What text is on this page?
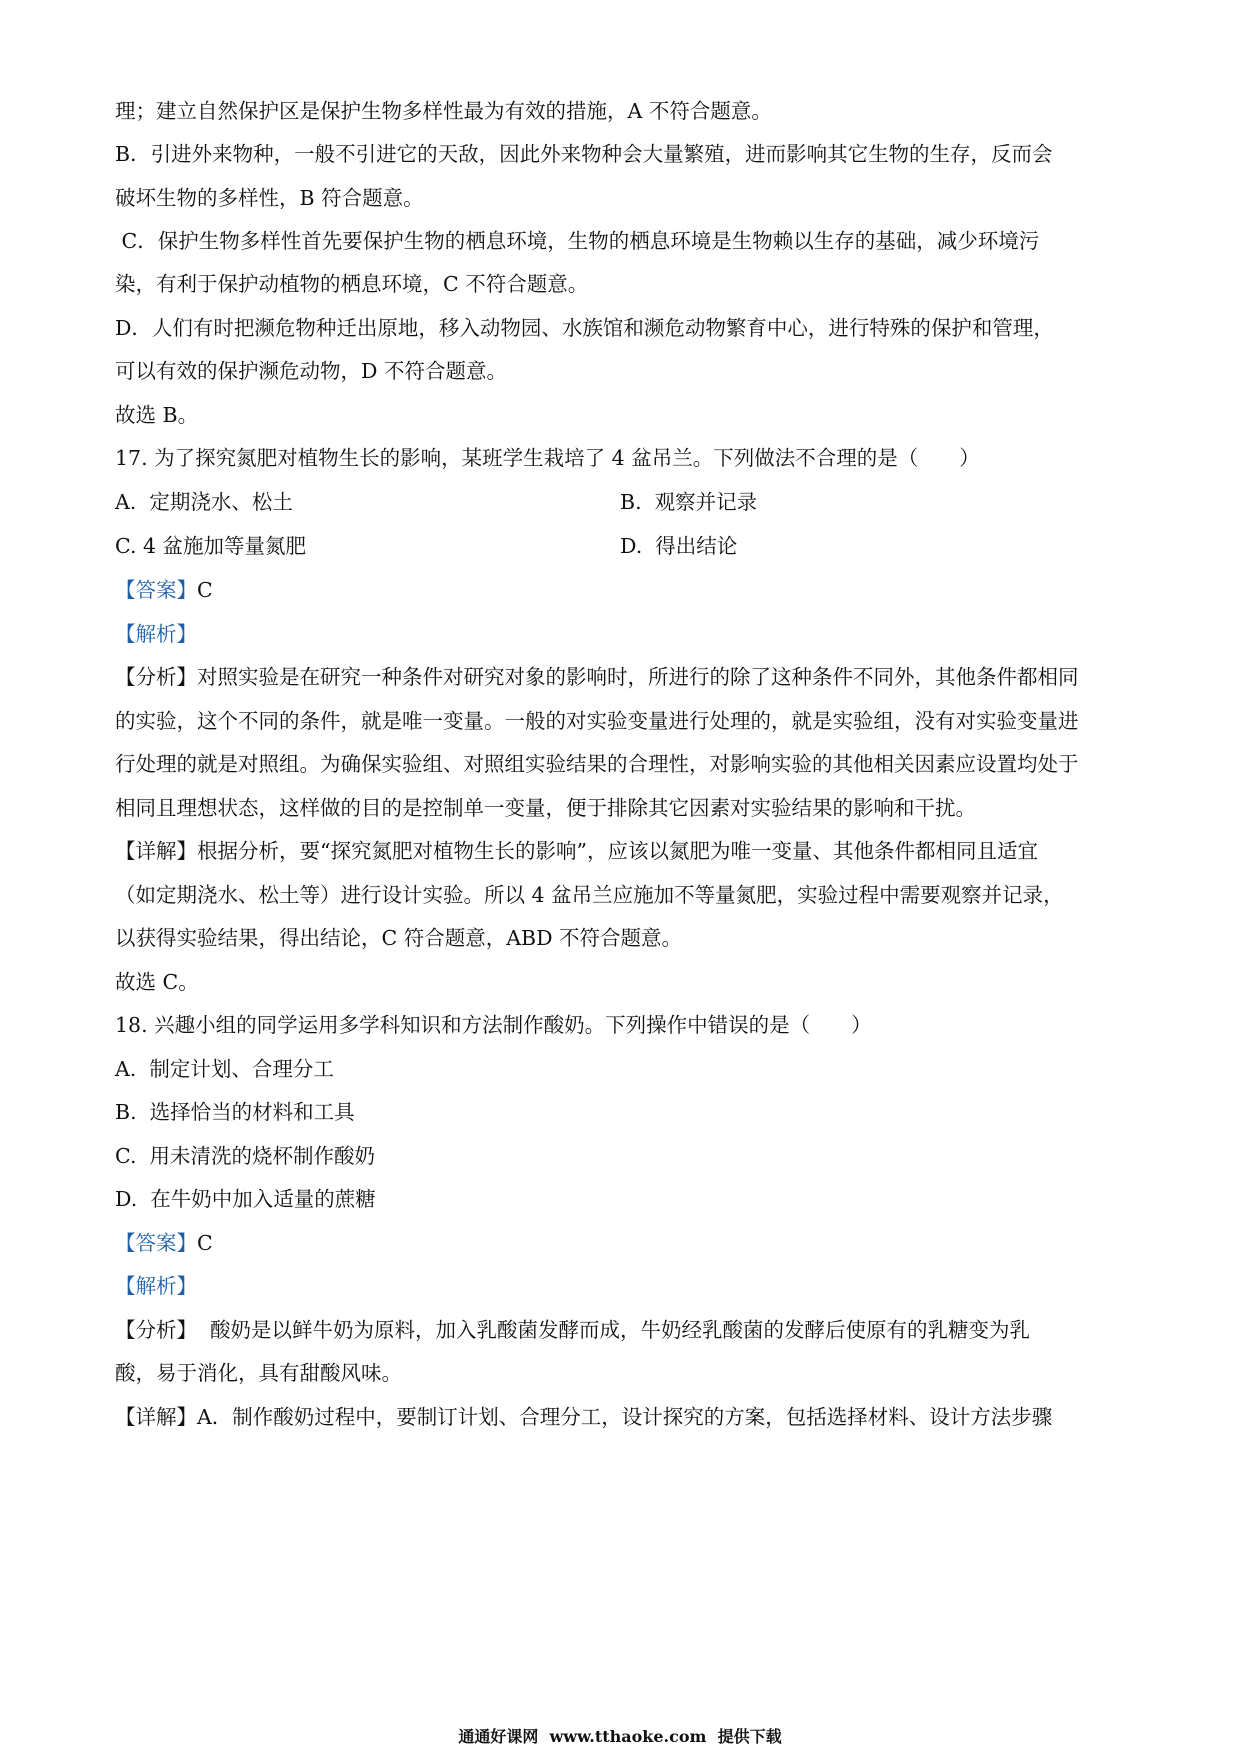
理；建立自然保护区是保护生物多样性最为有效的措施，A 不符合题意。
B．引进外来物种，一般不引进它的天敌，因此外来物种会大量繁殖，进而影响其它生物的生存，反而会
破坏生物的多样性，B 符合题意。
C．保护生物多样性首先要保护生物的栖息环境，生物的栖息环境是生物赖以生存的基础，减少环境污
染，有利于保护动植物的栖息环境，C 不符合题意。
D．人们有时把濒危物种迁出原地，移入动物园、水族馆和濒危动物繁育中心，进行特殊的保护和管理，
可以有效的保护濒危动物，D 不符合题意。
故选 B。
17. 为了探究氮肥对植物生长的影响，某班学生栽培了 4 盆吊兰。下列做法不合理的是（　　）
A.  定期浇水、松土	B.  观察并记录
C. 4 盆施加等量氮肥	D.  得出结论
【答案】C
【解析】
【分析】对照实验是在研究一种条件对研究对象的影响时，所进行的除了这种条件不同外，其他条件都相同
的实验，这个不同的条件，就是唯一变量。一般的对实验变量进行处理的，就是实验组，没有对实验变量进
行处理的就是对照组。为确保实验组、对照组实验结果的合理性，对影响实验的其他相关因素应设置均处于
相同且理想状态，这样做的目的是控制单一变量，便于排除其它因素对实验结果的影响和干扰。
【详解】根据分析，要“探究氮肥对植物生长的影响”，应该以氮肥为唯一变量、其他条件都相同且适宜
（如定期浇水、松土等）进行设计实验。所以 4 盆吊兰应施加不等量氮肥，实验过程中需要观察并记录，
以获得实验结果，得出结论，C 符合题意，ABD 不符合题意。
故选 C。
18. 兴趣小组的同学运用多学科知识和方法制作酸奶。下列操作中错误的是（　　）
A.  制定计划、合理分工
B.  选择恰当的材料和工具
C.  用未清洗的烧杯制作酸奶
D.  在牛奶中加入适量的蔗糖
【答案】C
【解析】
【分析】  酸奶是以鲜牛奶为原料，加入乳酸菌发酵而成，牛奶经乳酸菌的发酵后使原有的乳糖变为乳
酸，易于消化，具有甜酸风味。
【详解】A．制作酸奶过程中，要制订计划、合理分工，设计探究的方案，包括选择材料、设计方法步骤
通通好课网  www.tthaoke.com  提供下载
